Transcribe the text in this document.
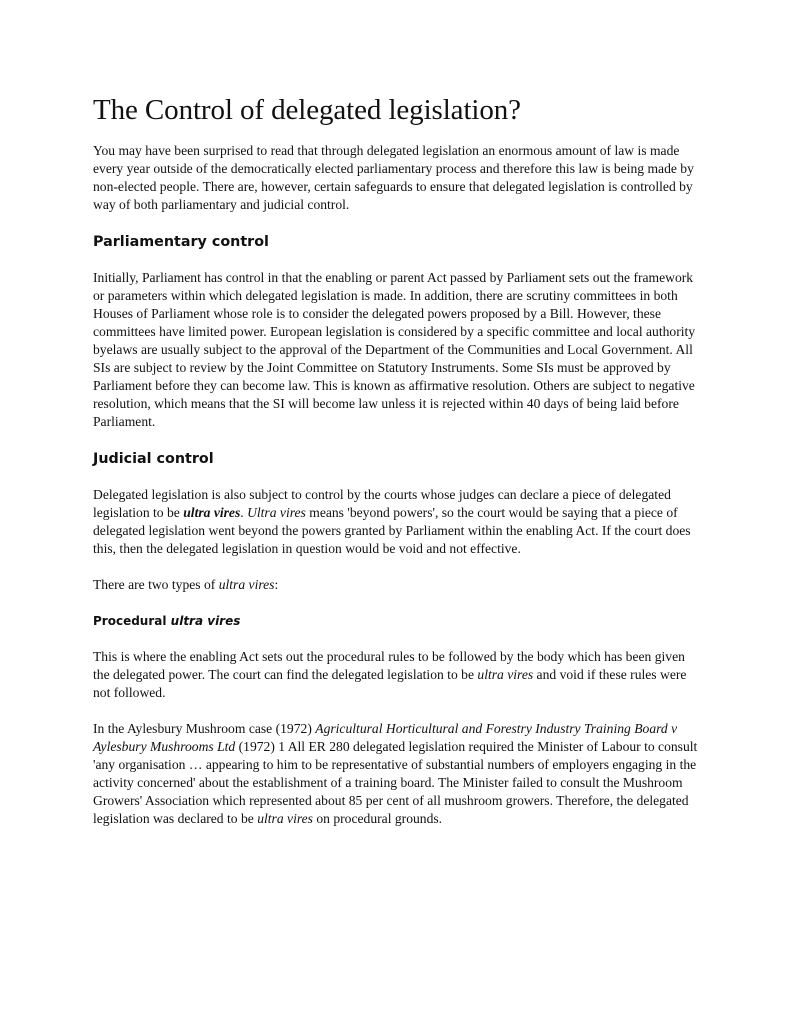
The Control of delegated legislation?

You may have been surprised to read that through delegated legislation an enormous amount of law is made every year outside of the democratically elected parliamentary process and therefore this law is being made by non-elected people. There are, however, certain safeguards to ensure that delegated legislation is controlled by way of both parliamentary and judicial control.

Parliamentary control

Initially, Parliament has control in that the enabling or parent Act passed by Parliament sets out the framework or parameters within which delegated legislation is made. In addition, there are scrutiny committees in both Houses of Parliament whose role is to consider the delegated powers proposed by a Bill. However, these committees have limited power. European legislation is considered by a specific committee and local authority byelaws are usually subject to the approval of the Department of the Communities and Local Government. All SIs are subject to review by the Joint Committee on Statutory Instruments. Some SIs must be approved by Parliament before they can become law. This is known as affirmative resolution. Others are subject to negative resolution, which means that the SI will become law unless it is rejected within 40 days of being laid before Parliament.

Judicial control

Delegated legislation is also subject to control by the courts whose judges can declare a piece of delegated legislation to be ultra vires. Ultra vires means 'beyond powers', so the court would be saying that a piece of delegated legislation went beyond the powers granted by Parliament within the enabling Act. If the court does this, then the delegated legislation in question would be void and not effective.

There are two types of ultra vires:

Procedural ultra vires

This is where the enabling Act sets out the procedural rules to be followed by the body which has been given the delegated power. The court can find the delegated legislation to be ultra vires and void if these rules were not followed.

In the Aylesbury Mushroom case (1972) Agricultural Horticultural and Forestry Industry Training Board v Aylesbury Mushrooms Ltd (1972) 1 All ER 280 delegated legislation required the Minister of Labour to consult 'any organisation … appearing to him to be representative of substantial numbers of employers engaging in the activity concerned' about the establishment of a training board. The Minister failed to consult the Mushroom Growers' Association which represented about 85 per cent of all mushroom growers. Therefore, the delegated legislation was declared to be ultra vires on procedural grounds.
